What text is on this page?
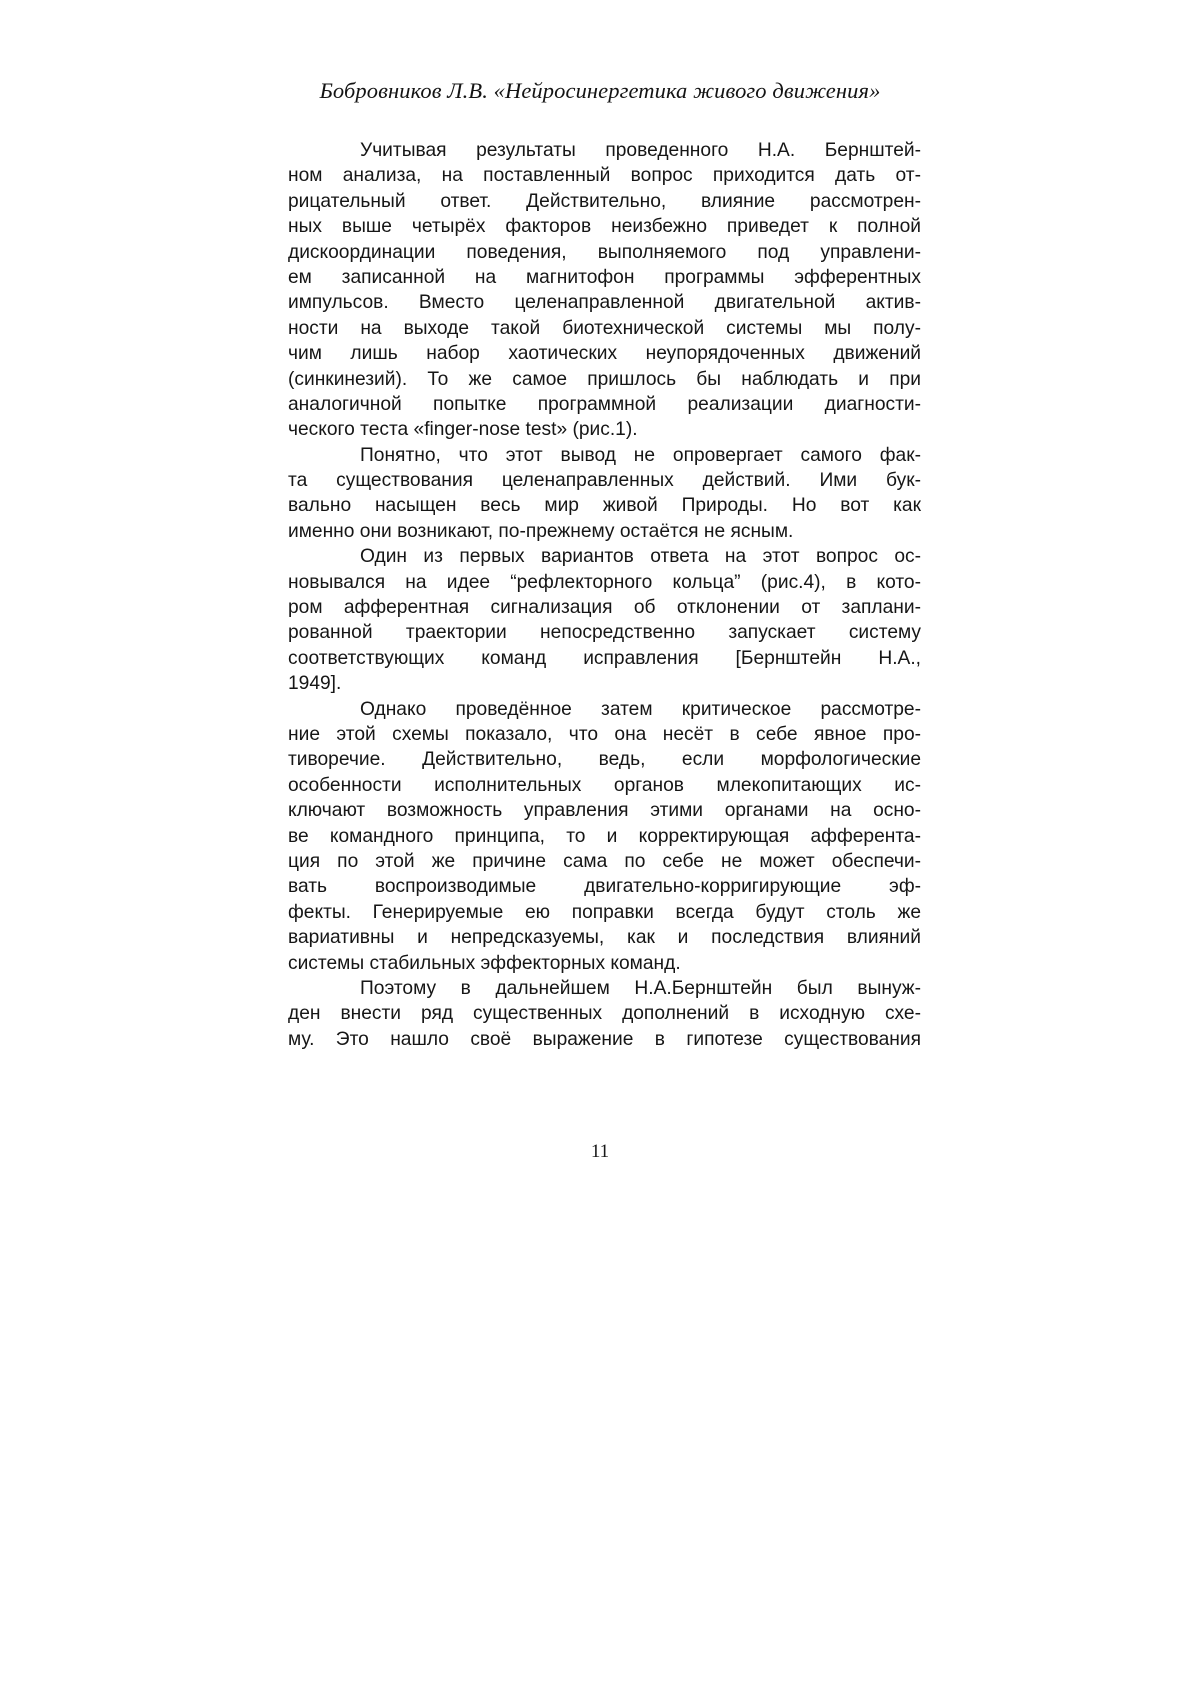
Бобровников Л.В. «Нейросинергетика живого движения»
Учитывая результаты проведенного Н.А. Бернштей-
ном анализа, на поставленный вопрос приходится дать от-
рицательный ответ. Действительно, влияние рассмотрен-
ных выше четырёх факторов неизбежно приведет к полной
дискоординации поведения, выполняемого под управлени-
ем записанной на магнитофон программы эфферентных
импульсов. Вместо целенаправленной двигательной актив-
ности на выходе такой биотехнической системы мы полу-
чим лишь набор хаотических неупорядоченных движений
(синкинезий). То же самое пришлось бы наблюдать и при
аналогичной попытке программной реализации диагности-
ческого теста «finger-nose test» (рис.1).
Понятно, что этот вывод не опровергает самого фак-
та существования целенаправленных действий. Ими бук-
вально насыщен весь мир живой Природы. Но вот как
именно они возникают, по-прежнему остаётся не ясным.
Один из первых вариантов ответа на этот вопрос ос-
новывался на идее “рефлекторного кольца” (рис.4), в кото-
ром афферентная сигнализация об отклонении от заплани-
рованной траектории непосредственно запускает систему
соответствующих команд исправления [Бернштейн Н.А.,
1949].
Однако проведённое затем критическое рассмотре-
ние этой схемы показало, что она несёт в себе явное про-
тиворечие. Действительно, ведь, если морфологические
особенности исполнительных органов млекопитающих ис-
ключают возможность управления этими органами на осно-
ве командного принципа, то и корректирующая афферента-
ция по этой же причине сама по себе не может обеспечи-
вать воспроизводимые двигательно-корригирующие эф-
фекты. Генерируемые ею поправки всегда будут столь же
вариативны и непредсказуемы, как и последствия влияний
системы стабильных эффекторных команд.
Поэтому в дальнейшем Н.А.Бернштейн был вынуж-
ден внести ряд существенных дополнений в исходную схе-
му. Это нашло своё выражение в гипотезе существования
11
